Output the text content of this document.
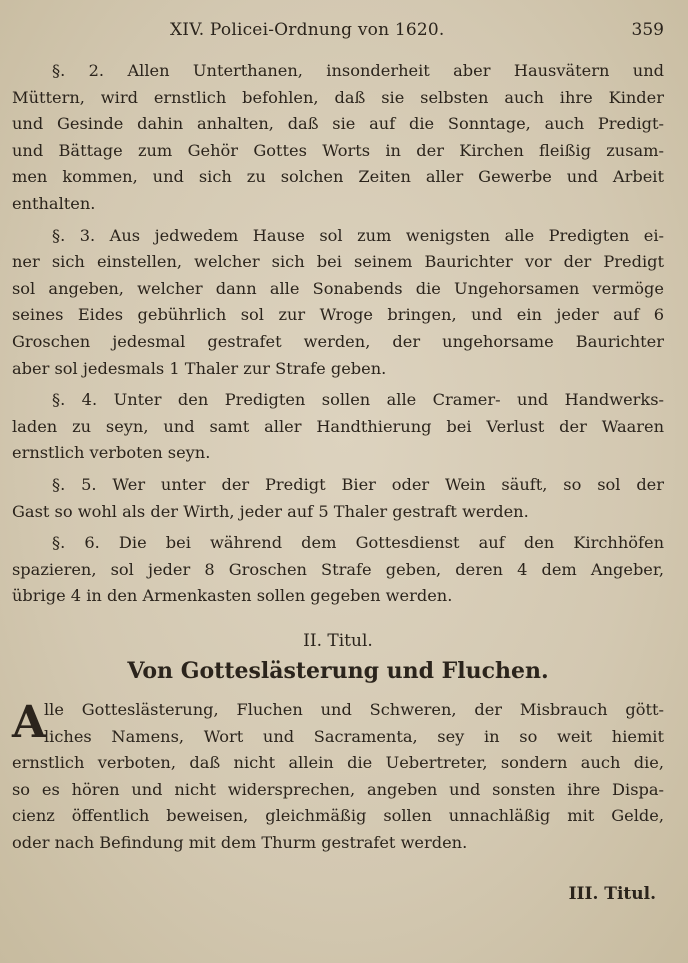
XIV. Policei-Ordnung von 1620.	359
§. 2. Allen Unterthanen, insonderheit aber Hausvätern und
Müttern, wird ernstlich befohlen, daß sie selbsten auch ihre Kinder
und Gesinde dahin anhalten, daß sie auf die Sonntage, auch Predigt-
und Bättage zum Gehör Gottes Worts in der Kirchen fleißig zusam-
men kommen, und sich zu solchen Zeiten aller Gewerbe und Arbeit
enthalten.
§. 3. Aus jedwedem Hause sol zum wenigsten alle Predigten ei-
ner sich einstellen, welcher sich bei seinem Baurichter vor der Predigt
sol angeben, welcher dann alle Sonabends die Ungehorsamen vermöge
seines Eides gebührlich sol zur Wroge bringen, und ein jeder auf 6
Groschen jedesmal gestrafet werden, der ungehorsame Baurichter
aber sol jedesmals 1 Thaler zur Strafe geben.
§. 4. Unter den Predigten sollen alle Cramer- und Handwerks-
laden zu seyn, und samt aller Handthierung bei Verlust der Waaren
ernstlich verboten seyn.
§. 5. Wer unter der Predigt Bier oder Wein säuft, so sol der
Gast so wohl als der Wirth, jeder auf 5 Thaler gestraft werden.
§. 6. Die bei während dem Gottesdienst auf den Kirchhöfen
spazieren, sol jeder 8 Groschen Strafe geben, deren 4 dem Angeber,
übrige 4 in den Armenkasten sollen gegeben werden.
II. Titul.
Von Gotteslästerung und Fluchen.
A
lle Gotteslästerung, Fluchen und Schweren, der Misbrauch gött-
liches Namens, Wort und Sacramenta, sey in so weit hiemit
ernstlich verboten, daß nicht allein die Uebertreter, sondern auch die,
so es hören und nicht widersprechen, angeben und sonsten ihre Dispa-
cienz öffentlich beweisen, gleichmäßig sollen unnachläßig mit Gelde,
oder nach Befindung mit dem Thurm gestrafet werden.
III. Titul.
